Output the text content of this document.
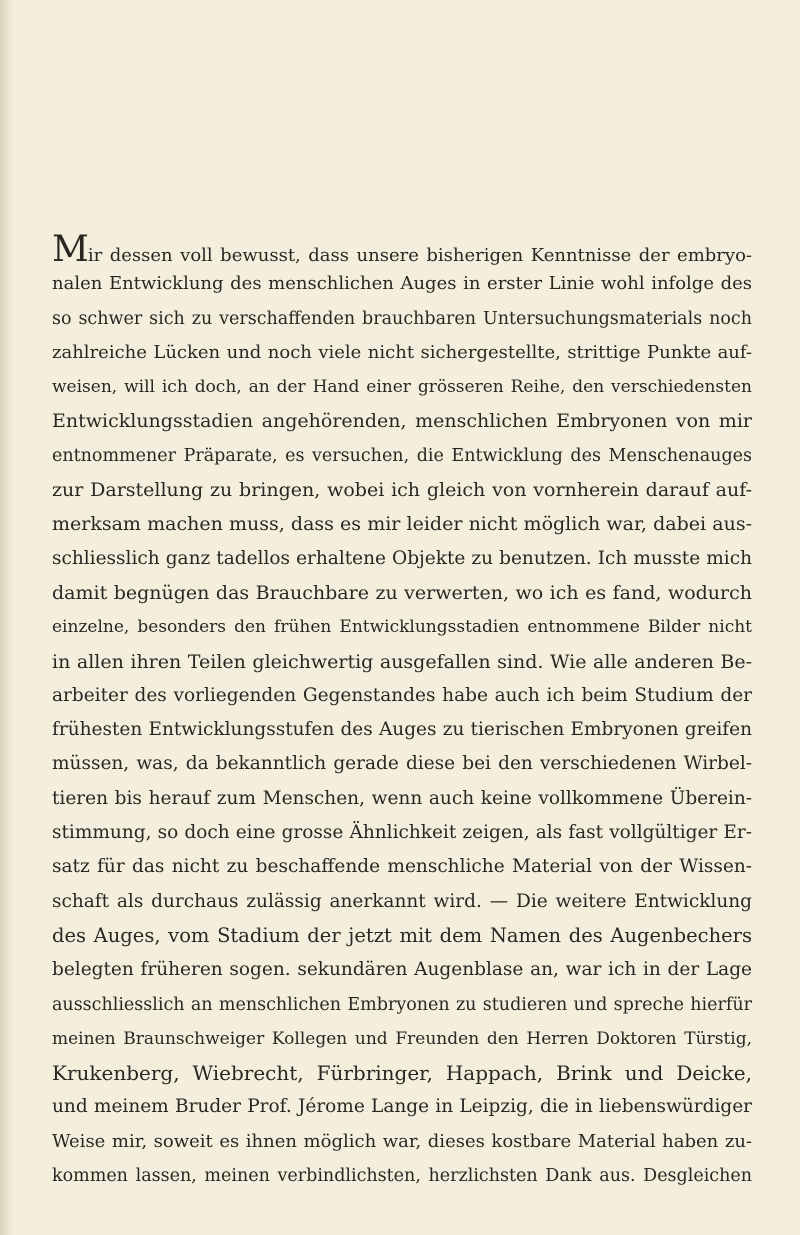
Mir dessen voll bewusst, dass unsere bisherigen Kenntnisse der embryo-
nalen Entwicklung des menschlichen Auges in erster Linie wohl infolge des
so schwer sich zu verschaffenden brauchbaren Untersuchungsmaterials noch
zahlreiche Lücken und noch viele nicht sichergestellte, strittige Punkte auf-
weisen, will ich doch, an der Hand einer grösseren Reihe, den verschiedensten
Entwicklungsstadien angehörenden, menschlichen Embryonen von mir
entnommener Präparate, es versuchen, die Entwicklung des Menschenauges
zur Darstellung zu bringen, wobei ich gleich von vornherein darauf auf-
merksam machen muss, dass es mir leider nicht möglich war, dabei aus-
schliesslich ganz tadellos erhaltene Objekte zu benutzen. Ich musste mich
damit begnügen das Brauchbare zu verwerten, wo ich es fand, wodurch
einzelne, besonders den frühen Entwicklungsstadien entnommene Bilder nicht
in allen ihren Teilen gleichwertig ausgefallen sind. Wie alle anderen Be-
arbeiter des vorliegenden Gegenstandes habe auch ich beim Studium der
frühesten Entwicklungsstufen des Auges zu tierischen Embryonen greifen
müssen, was, da bekanntlich gerade diese bei den verschiedenen Wirbel-
tieren bis herauf zum Menschen, wenn auch keine vollkommene Überein-
stimmung, so doch eine grosse Ähnlichkeit zeigen, als fast vollgültiger Er-
satz für das nicht zu beschaffende menschliche Material von der Wissen-
schaft als durchaus zulässig anerkannt wird. — Die weitere Entwicklung
des Auges, vom Stadium der jetzt mit dem Namen des Augenbechers
belegten früheren sogen. sekundären Augenblase an, war ich in der Lage
ausschliesslich an menschlichen Embryonen zu studieren und spreche hierfür
meinen Braunschweiger Kollegen und Freunden den Herren Doktoren Türstig,
Krukenberg, Wiebrecht, Fürbringer, Happach, Brink und Deicke,
und meinem Bruder Prof. Jérome Lange in Leipzig, die in liebenswürdiger
Weise mir, soweit es ihnen möglich war, dieses kostbare Material haben zu-
kommen lassen, meinen verbindlichsten, herzlichsten Dank aus. Desgleichen
